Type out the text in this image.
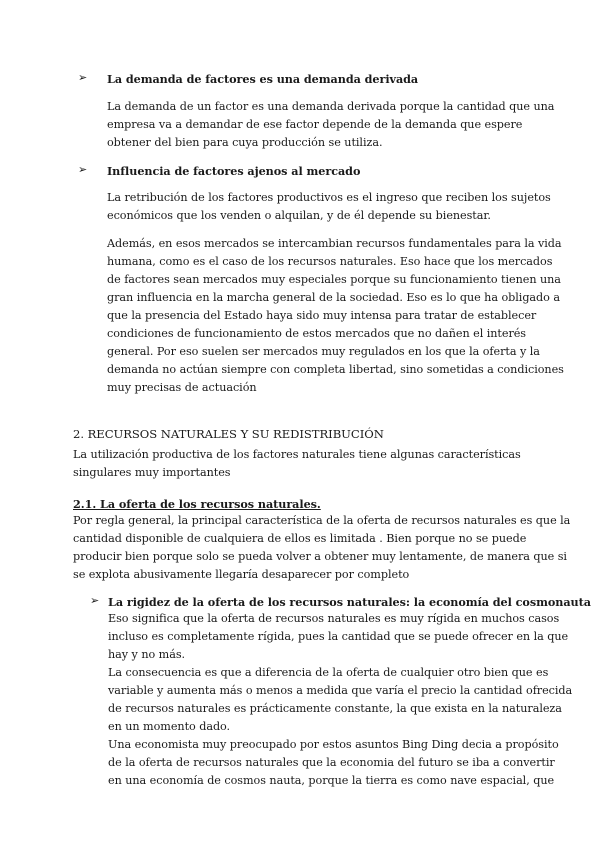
➢ La demanda de factores es una demanda derivada
La demanda de un factor es una demanda derivada porque la cantidad que una
empresa va a demandar de ese factor depende de la demanda que espere
obtener del bien para cuya producción se utiliza.
➢ Influencia de factores ajenos al mercado
La retribución de los factores productivos es el ingreso que reciben los sujetos
económicos que los venden o alquilan, y de él depende su bienestar.
Además, en esos mercados se intercambian recursos fundamentales para la vida
humana, como es el caso de los recursos naturales. Eso hace que los mercados
de factores sean mercados muy especiales porque su funcionamiento tienen una
gran influencia en la marcha general de la sociedad. Eso es lo que ha obligado a
que la presencia del Estado haya sido muy intensa para tratar de establecer
condiciones de funcionamiento de estos mercados que no dañen el interés
general. Por eso suelen ser mercados muy regulados en los que la oferta y la
demanda no actúan siempre con completa libertad, sino sometidas a condiciones
muy precisas de actuación
2. RECURSOS NATURALES Y SU REDISTRIBUCIÓN
La utilización productiva de los factores naturales tiene algunas características
singulares muy importantes
2.1. La oferta de los recursos naturales.
Por regla general, la principal característica de la oferta de recursos naturales es que la
cantidad disponible de cualquiera de ellos es limitada . Bien porque no se puede
producir bien porque solo se pueda volver a obtener muy lentamente, de manera que si
se explota abusivamente llegaría desaparecer por completo
➢ La rigidez de la oferta de los recursos naturales: la economía del cosmonauta
Eso significa que la oferta de recursos naturales es muy rígida en muchos casos
incluso es completamente rígida, pues la cantidad que se puede ofrecer en la que
hay y no más.
La consecuencia es que a diferencia de la oferta de cualquier otro bien que es
variable y aumenta más o menos a medida que varía el precio la cantidad ofrecida
de recursos naturales es prácticamente constante, la que exista en la naturaleza
en un momento dado.
Una economista muy preocupado por estos asuntos Bing Ding decia a propósito
de la oferta de recursos naturales que la economia del futuro se iba a convertir
en una economía de cosmos nauta, porque la tierra es como nave espacial, que
